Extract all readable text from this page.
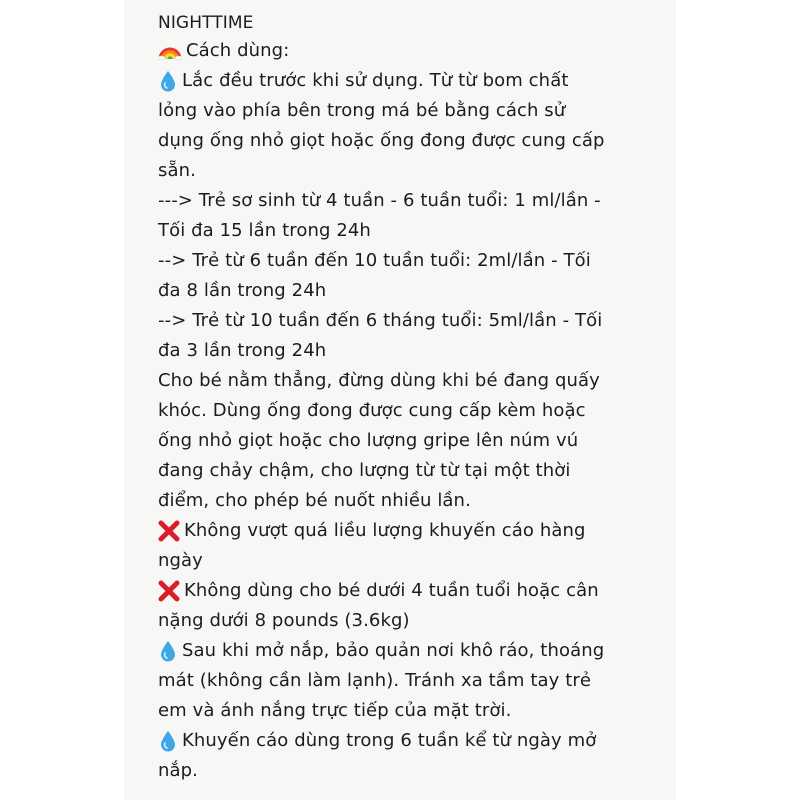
NIGHTTIME
Cách dùng:
Lắc đều trước khi sử dụng. Từ từ bom chất
lỏng vào phía bên trong má bé bằng cách sử
dụng ống nhỏ giọt hoặc ống đong được cung cấp
sẵn.
---> Trẻ sơ sinh từ 4 tuần - 6 tuần tuổi: 1 ml/lần -
Tối đa 15 lần trong 24h
--> Trẻ từ 6 tuần đến 10 tuần tuổi: 2ml/lần - Tối
đa 8 lần trong 24h
--> Trẻ từ 10 tuần đến 6 tháng tuổi: 5ml/lần - Tối
đa 3 lần trong 24h
Cho bé nằm thẳng, đừng dùng khi bé đang quấy
khóc. Dùng ống đong được cung cấp kèm hoặc
ống nhỏ giọt hoặc cho lượng gripe lên núm vú
đang chảy chậm, cho lượng từ từ tại một thời
điểm, cho phép bé nuốt nhiều lần.
Không vượt quá liều lượng khuyến cáo hàng
ngày
Không dùng cho bé dưới 4 tuần tuổi hoặc cân
nặng dưới 8 pounds (3.6kg)
Sau khi mở nắp, bảo quản nơi khô ráo, thoáng
mát (không cần làm lạnh). Tránh xa tầm tay trẻ
em và ánh nắng trực tiếp của mặt trời.
Khuyến cáo dùng trong 6 tuần kể từ ngày mở
nắp.
